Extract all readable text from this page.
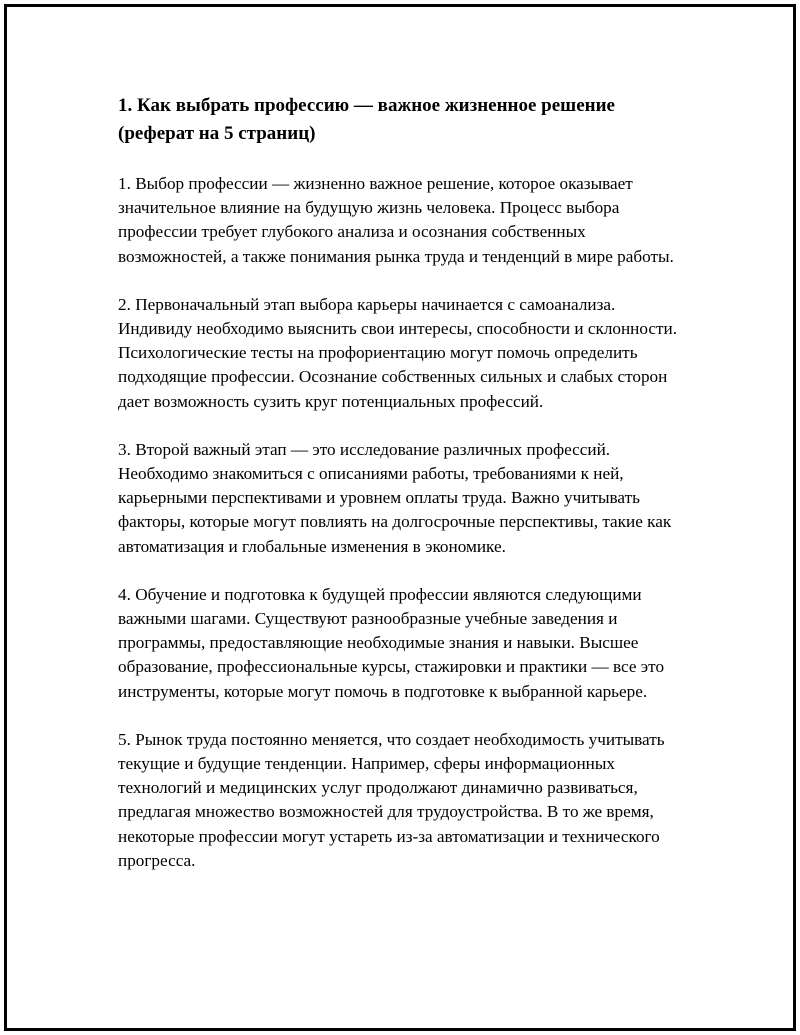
1. Как выбрать профессию — важное жизненное решение (реферат на 5 страниц)

1. Выбор профессии — жизненно важное решение, которое оказывает значительное влияние на будущую жизнь человека. Процесс выбора профессии требует глубокого анализа и осознания собственных возможностей, а также понимания рынка труда и тенденций в мире работы.

2. Первоначальный этап выбора карьеры начинается с самоанализа. Индивиду необходимо выяснить свои интересы, способности и склонности. Психологические тесты на профориентацию могут помочь определить подходящие профессии. Осознание собственных сильных и слабых сторон дает возможность сузить круг потенциальных профессий.

3. Второй важный этап — это исследование различных профессий. Необходимо знакомиться с описаниями работы, требованиями к ней, карьерными перспективами и уровнем оплаты труда. Важно учитывать факторы, которые могут повлиять на долгосрочные перспективы, такие как автоматизация и глобальные изменения в экономике.

4. Обучение и подготовка к будущей профессии являются следующими важными шагами. Существуют разнообразные учебные заведения и программы, предоставляющие необходимые знания и навыки. Высшее образование, профессиональные курсы, стажировки и практики — все это инструменты, которые могут помочь в подготовке к выбранной карьере.

5. Рынок труда постоянно меняется, что создает необходимость учитывать текущие и будущие тенденции. Например, сферы информационных технологий и медицинских услуг продолжают динамично развиваться, предлагая множество возможностей для трудоустройства. В то же время, некоторые профессии могут устареть из-за автоматизации и технического прогресса.
